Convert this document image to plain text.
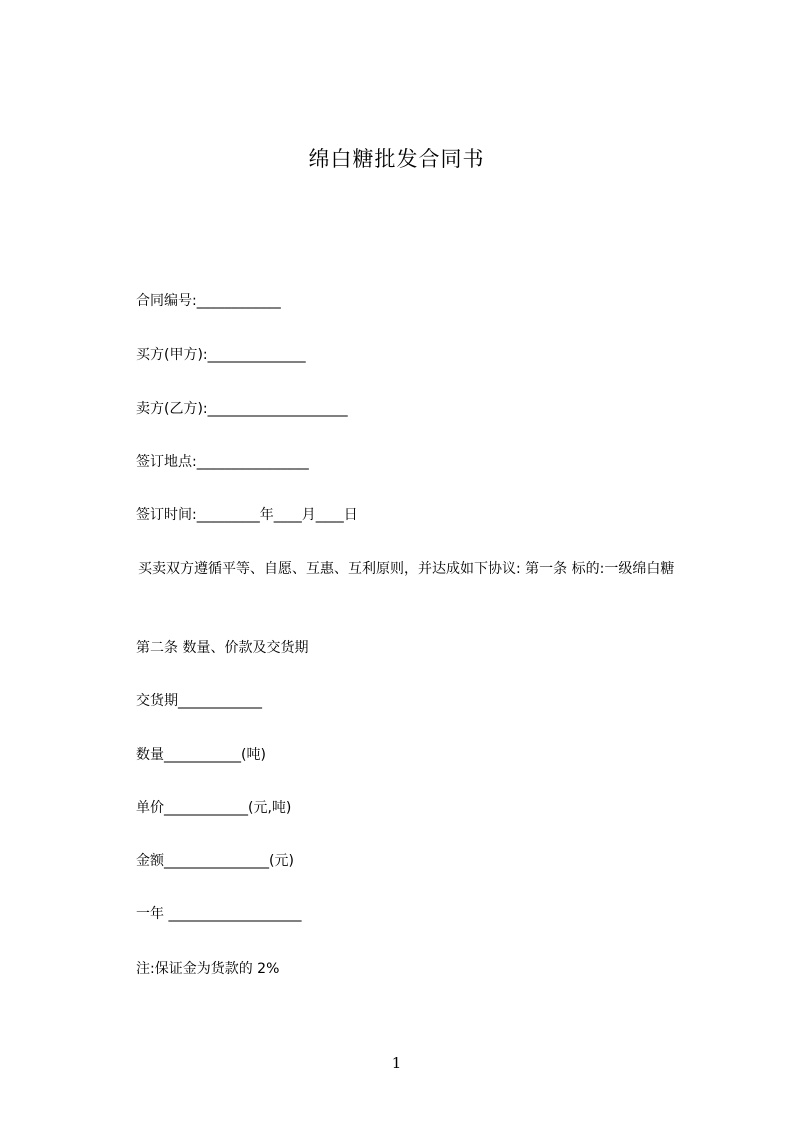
绵白糖批发合同书
合同编号:____________
买方(甲方):______________
卖方(乙方):____________________
签订地点:________________
签订时间:_________年____月____日
买卖双方遵循平等、自愿、互惠、互利原则，并达成如下协议: 第一条 标的:一级绵白糖
第二条 数量、价款及交货期
交货期____________
数量___________(吨)
单价____________(元,吨)
金额_______________(元)
一年 ___________________
注:保证金为货款的 2%
1
